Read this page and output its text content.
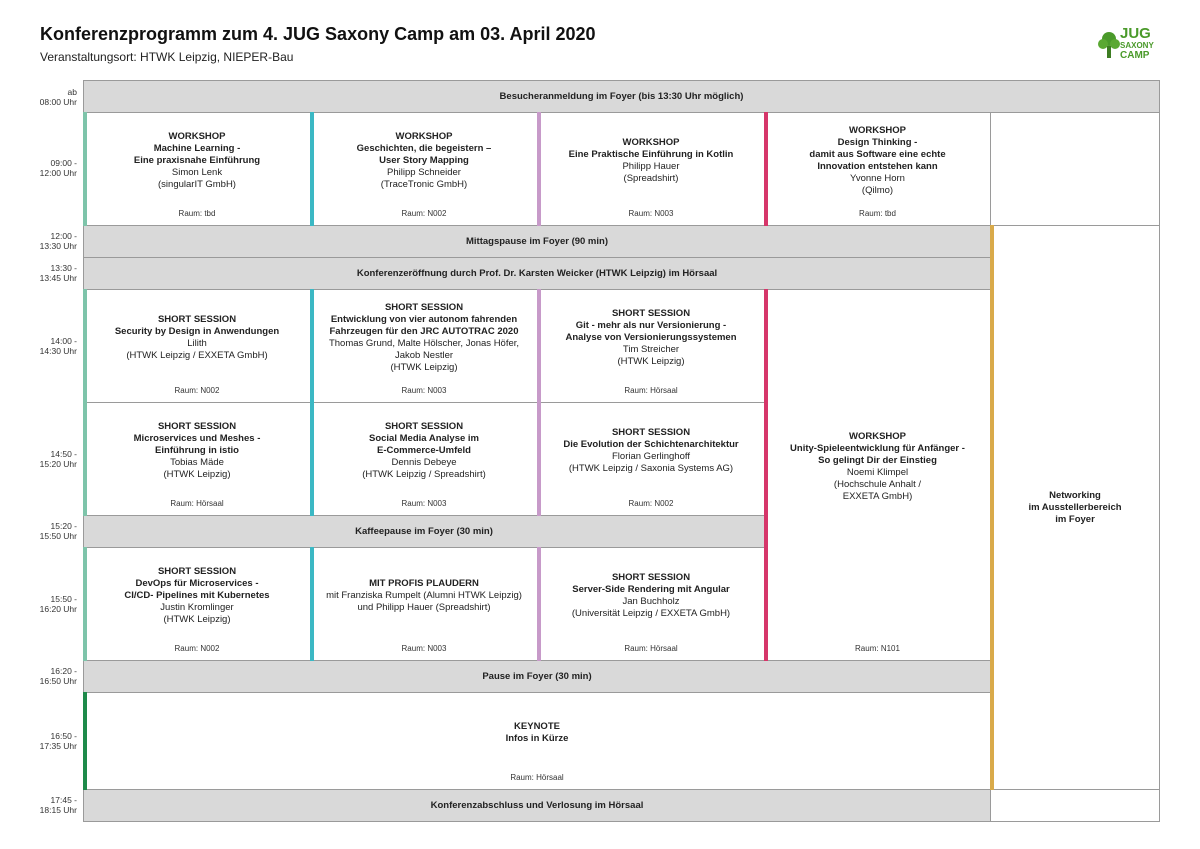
Konferenzprogramm zum 4. JUG Saxony Camp am 03. April 2020
Veranstaltungsort: HTWK Leipzig, NIEPER-Bau
JUG
SAXONY
CAMP
ab
08:00 Uhr
09:00 -
12:00 Uhr
12:00 -
13:30 Uhr
13:30 -
13:45 Uhr
14:00 -
14:30 Uhr
14:50 -
15:20 Uhr
15:20 -
15:50 Uhr
15:50 -
16:20 Uhr
16:20 -
16:50 Uhr
16:50 -
17:35 Uhr
17:45 -
18:15 Uhr
Besucheranmeldung im Foyer (bis 13:30 Uhr möglich)
WORKSHOP
Machine Learning -
Eine praxisnahe Einführung
Simon Lenk
(singularIT GmbH)
Raum: tbd
WORKSHOP
Geschichten, die begeistern –
User Story Mapping
Philipp Schneider
(TraceTronic GmbH)
Raum: N002
WORKSHOP
Eine Praktische Einführung in Kotlin
Philipp Hauer
(Spreadshirt)
Raum: N003
WORKSHOP
Design Thinking -
damit aus Software eine echte
Innovation entstehen kann
Yvonne Horn
(Qilmo)
Raum: tbd
Mittagspause im Foyer (90 min)
Konferenzeröffnung durch Prof. Dr. Karsten Weicker (HTWK Leipzig) im Hörsaal
Networking
im Ausstellerbereich
im Foyer
SHORT SESSION
Security by Design in Anwendungen
Lilith
(HTWK Leipzig / EXXETA GmbH)
Raum: N002
SHORT SESSION
Entwicklung von vier autonom fahrenden
Fahrzeugen für den JRC AUTOTRAC 2020
Thomas Grund, Malte Hölscher, Jonas Höfer,
Jakob Nestler
(HTWK Leipzig)
Raum: N003
SHORT SESSION
Git - mehr als nur Versionierung -
Analyse von Versionierungssystemen
Tim Streicher
(HTWK Leipzig)
Raum: Hörsaal
WORKSHOP
Unity-Spieleentwicklung für Anfänger -
So gelingt Dir der Einstieg
Noemi Klimpel
(Hochschule Anhalt /
EXXETA GmbH)
Raum: N101
SHORT SESSION
Microservices und Meshes -
Einführung in istio
Tobias Mäde
(HTWK Leipzig)
Raum: Hörsaal
SHORT SESSION
Social Media Analyse im
E-Commerce-Umfeld
Dennis Debeye
(HTWK Leipzig / Spreadshirt)
Raum: N003
SHORT SESSION
Die Evolution der Schichtenarchitektur
Florian Gerlinghoff
(HTWK Leipzig / Saxonia Systems AG)
Raum: N002
Kaffeepause im Foyer (30 min)
SHORT SESSION
DevOps für Microservices -
CI/CD- Pipelines mit Kubernetes
Justin Kromlinger
(HTWK Leipzig)
Raum: N002
MIT PROFIS PLAUDERN
mit Franziska Rumpelt (Alumni HTWK Leipzig)
und Philipp Hauer (Spreadshirt)
Raum: N003
SHORT SESSION
Server-Side Rendering mit Angular
Jan Buchholz
(Universität Leipzig / EXXETA GmbH)
Raum: Hörsaal
Pause im Foyer (30 min)
KEYNOTE
Infos in Kürze
Raum: Hörsaal
Konferenzabschluss und Verlosung im Hörsaal
